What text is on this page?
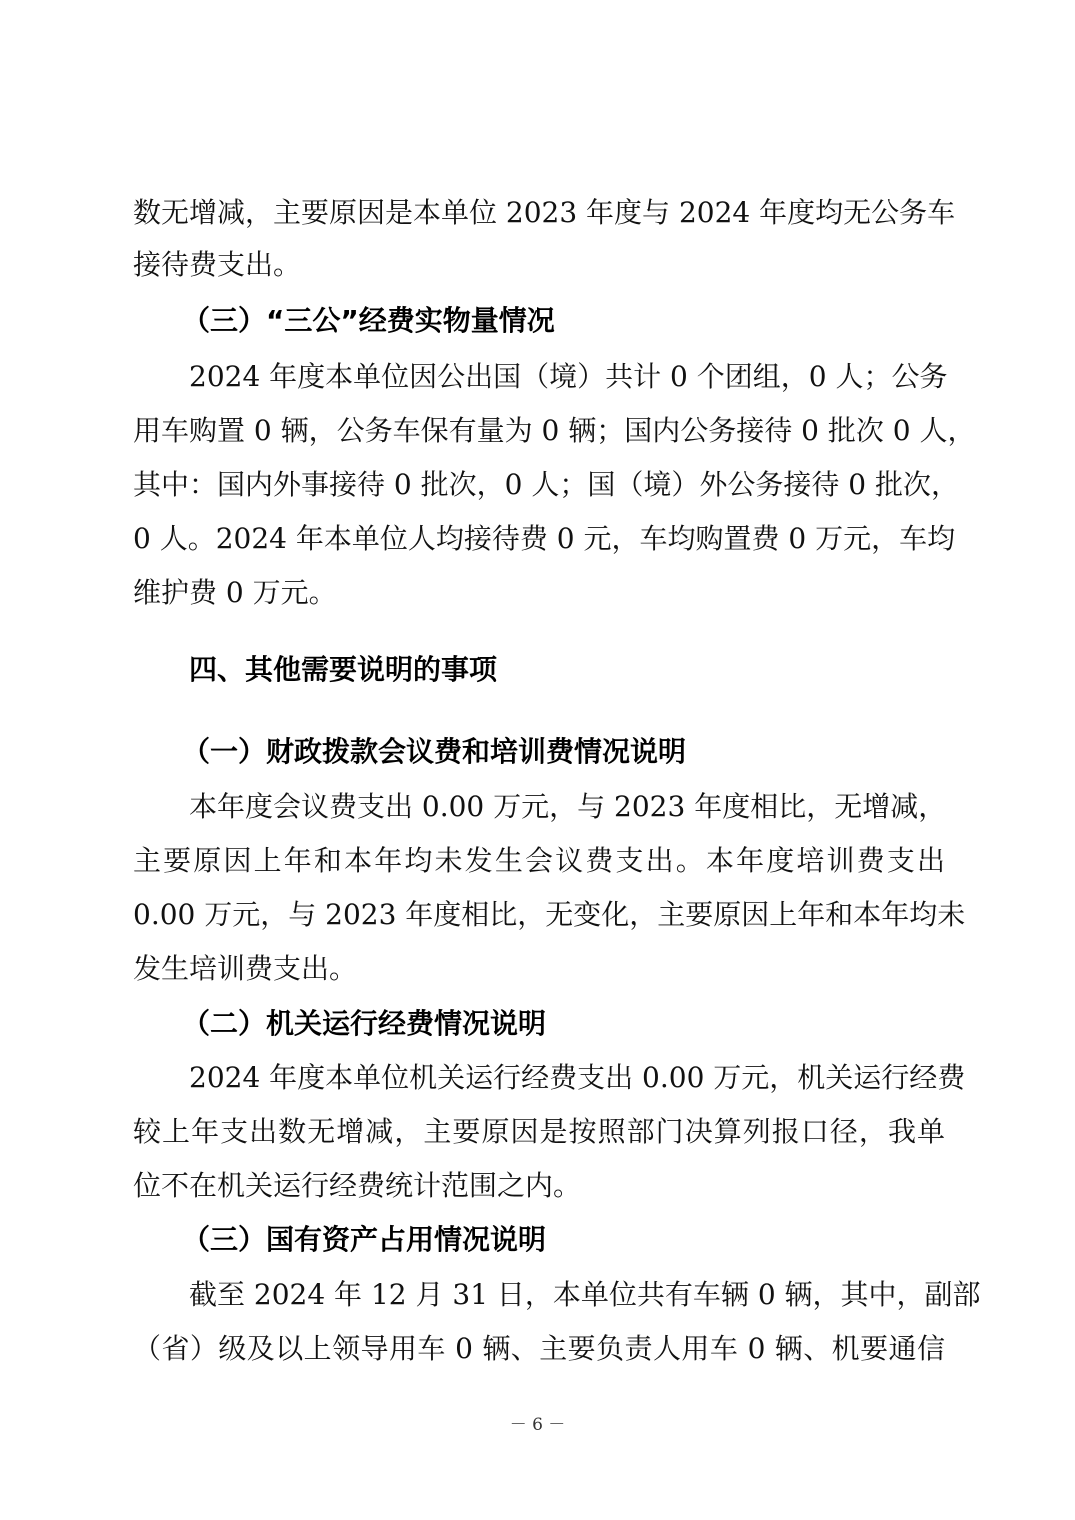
数无增减，主要原因是本单位 2023 年度与 2024 年度均无公务车
接待费支出。
（三）“三公”经费实物量情况
2024 年度本单位因公出国（境）共计 0 个团组，0 人；公务
用车购置 0 辆，公务车保有量为 0 辆；国内公务接待 0 批次 0 人，
其中：国内外事接待 0 批次，0 人；国（境）外公务接待 0 批次，
0 人。2024 年本单位人均接待费 0 元，车均购置费 0 万元，车均
维护费 0 万元。
四、其他需要说明的事项
（一）财政拨款会议费和培训费情况说明
本年度会议费支出 0.00 万元，与 2023 年度相比，无增减，
主要原因上年和本年均未发生会议费支出。本年度培训费支出
0.00 万元，与 2023 年度相比，无变化，主要原因上年和本年均未
发生培训费支出。
（二）机关运行经费情况说明
2024 年度本单位机关运行经费支出 0.00 万元，机关运行经费
较上年支出数无增减，主要原因是按照部门决算列报口径，我单
位不在机关运行经费统计范围之内。
（三）国有资产占用情况说明
截至 2024 年 12 月 31 日，本单位共有车辆 0 辆，其中，副部
（省）级及以上领导用车 0 辆、主要负责人用车 0 辆、机要通信
－ 6 －
